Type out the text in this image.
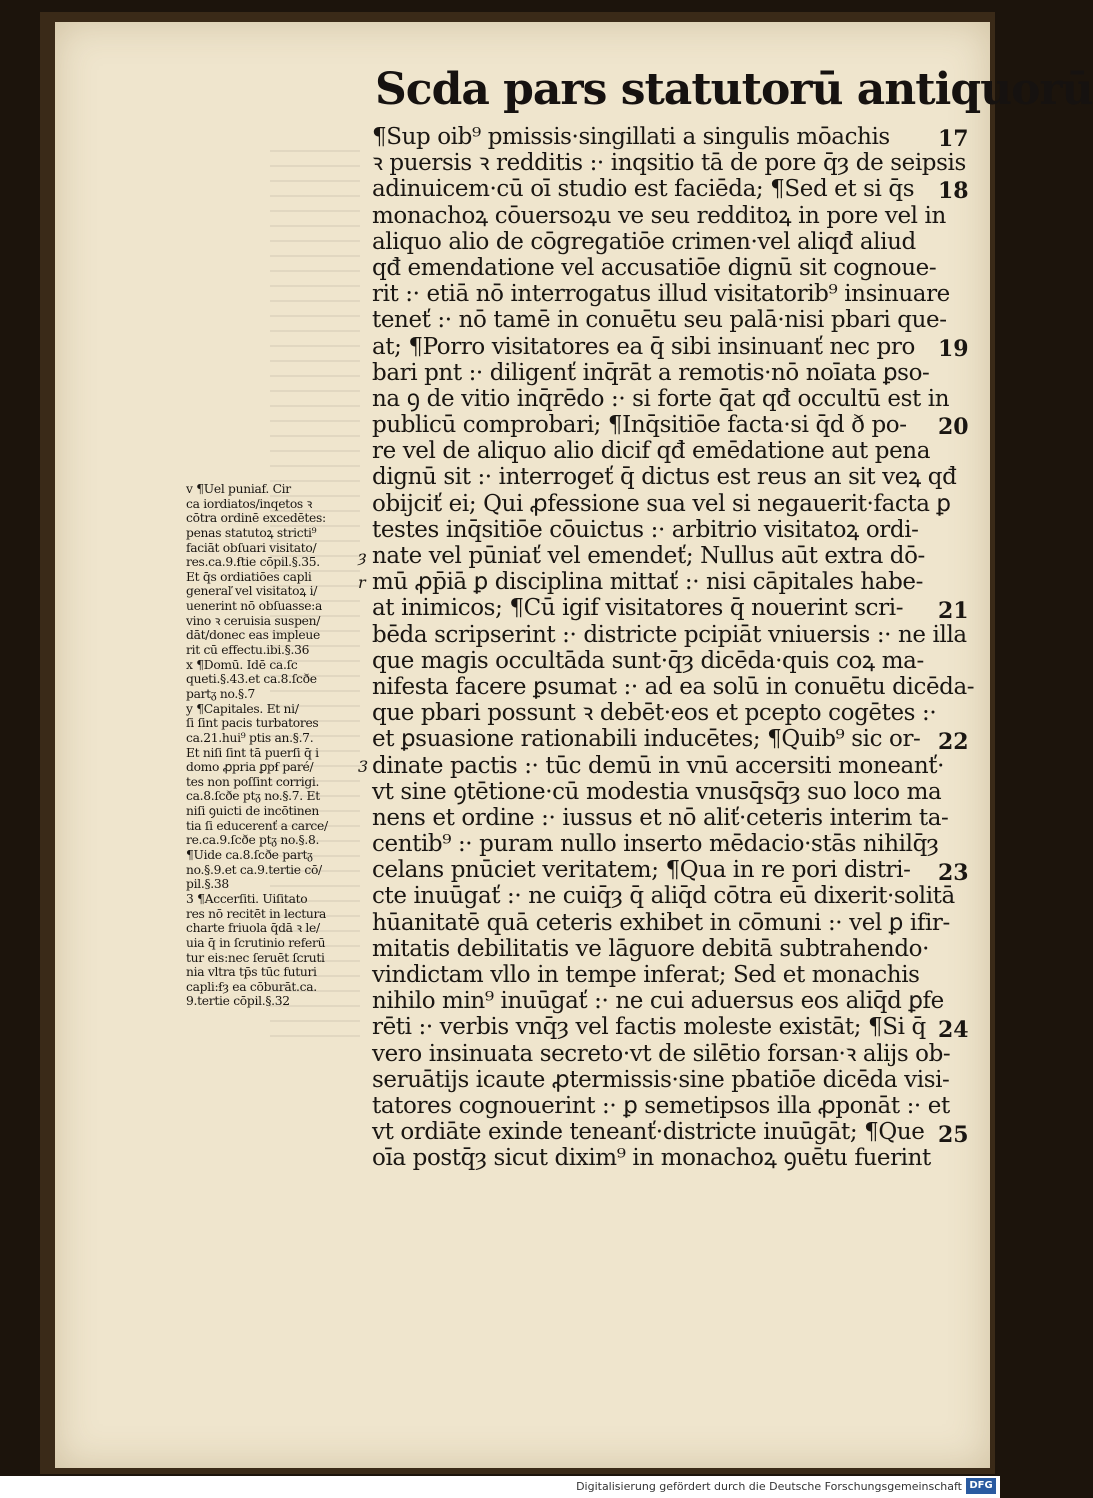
Scda pars statutorū antiquorū
¶Sup oib⁹ pmissis·singillati a singulis mōachis
ꝛ puersis ꝛ redditis :· inqsitio tā de pore q̄ȝ de seipsis
adinuicem·cū oī studio est faciēda; ¶Sed et si q̄s
monachoꝝ cōuersoꝝu ve seu redditoꝝ in pore vel in
aliquo alio de cōgregatiōe crimen·vel aliqđ aliud
qđ emendatione vel accusatiōe dignū sit cognoue-
rit :· etiā nō interrogatus illud visitatorib⁹ insinuare
teneť :· nō tamē in conuētu seu palā·nisi pbari que-
at; ¶Porro visitatores ea q̄ sibi insinuanť nec pro
bari pnt :· diligenť inq̄rāt a remotis·nō noīata ꝑso-
na ꝯ de vitio inq̄rēdo :· si forte q̄at qđ occultū est in
publicū comprobari; ¶Inq̄sitiōe facta·si q̄d ð po-
re vel de aliquo alio dicif qđ emēdatione aut pena
dignū sit :· interrogeť q̄ dictus est reus an sit veꝝ qđ
obijciť ei; Qui ꝓfessione sua vel si negauerit·facta ꝑ
testes inq̄sitiōe cōuictus :· arbitrio visitatoꝝ ordi-
nate vel pūniať vel emendeť; Nullus aūt extra dō-
mū ꝓp̄iā ꝑ disciplina mittať :· nisi cāpitales habe-
at inimicos; ¶Cū igif visitatores q̄ nouerint scri-
bēda scripserint :· districte pcipiāt vniuersis :· ne illa
que magis occultāda sunt·q̄ȝ dicēda·quis coꝝ ma-
nifesta facere ꝑsumat :· ad ea solū in conuētu dicēda-
que pbari possunt ꝛ debēt·eos et pcepto cogētes :·
et ꝑsuasione rationabili inducētes; ¶Quib⁹ sic or-
dinate pactis :· tūc demū in vnū accersiti moneanť·
vt sine ꝯtētione·cū modestia vnusq̄sq̄ȝ suo loco ma
nens et ordine :· iussus et nō aliť·ceteris interim ta-
centib⁹ :· puram nullo inserto mēdacio·stās nihilq̄ȝ
celans pnūciet veritatem; ¶Qua in re pori distri-
cte inuūgať :· ne cuiq̄ȝ q̄ aliq̄d cōtra eū dixerit·solitā
hūanitatē quā ceteris exhibet in cōmuni :· vel ꝑ ifir-
mitatis debilitatis ve lāguore debitā subtrahendo·
vindictam vllo in tempe inferat; Sed et monachis
nihilo min⁹ inuūgať :· ne cui aduersus eos aliq̄d ꝑfe
rēti :· verbis vnq̄ȝ vel factis moleste existāt; ¶Si q̄
vero insinuata secreto·vt de silētio forsan·ꝛ alijs ob-
seruātijs icaute ꝓtermissis·sine pbatiōe dicēda visi-
tatores cognouerint :· ꝑ semetipsos illa ꝓponāt :· et
vt ordiāte exinde teneanť·districte inuūgāt; ¶Que
oīa postq̄ȝ sicut dixim⁹ in monachoꝝ ꝯuētu fuerint
17
18
19
20
21
22
23
24
25
ȝ
r
3
v ¶Uel puniaf. Cir
ca iordiatos/inqetos ꝛ
cōtra ordinē excedētes:
penas statutoꝝ stricti⁹
faciāt obſuari visitato/
res.ca.9.ẜtie cōpil.§.35.
Et q̄s ordiatiōes capli
generaľ vel visitatoꝝ i/
uenerint nō obſuasse:a
vino ꝛ ceruisia suspen/
dāt/donec eas impleue
rit cū effectu.ibi.§.36
x ¶Domū. Idē ca.ſc
queti.§.43.et ca.8.ſcðe
partᵹ no.§.7
y ¶Capitales. Et ni/
ſi ſint pacis turbatores
ca.21.hui⁹ ptis an.§.7.
Et niſi ſint tā puerſi q̄ i
domo ꝓpria ꝑpẜ paré/
tes non poſſint corrigi.
ca.8.ſcðe ptᵹ no.§.7. Et
niſi ꝯuicti de incōtinen
tia ſi educerenť a carce/
re.ca.9.ſcðe ptᵹ no.§.8.
¶Uide ca.8.ſcðe partᵹ
no.§.9.et ca.9.tertie cō/
pil.§.38
3 ¶Accerſiti. Uiſitato
res nō recitēt in lectura
charte friuola q̄dā ꝛ le/
uia q̄ in ſcrutinio referū
tur eis:nec ſeruēt ſcruti
nia vltra tp̄s tūc futuri
capli:ẜȝ ea cōburāt.ca.
9.tertie cōpil.§.32
Digitalisierung gefördert durch die Deutsche Forschungsgemeinschaft DFG
